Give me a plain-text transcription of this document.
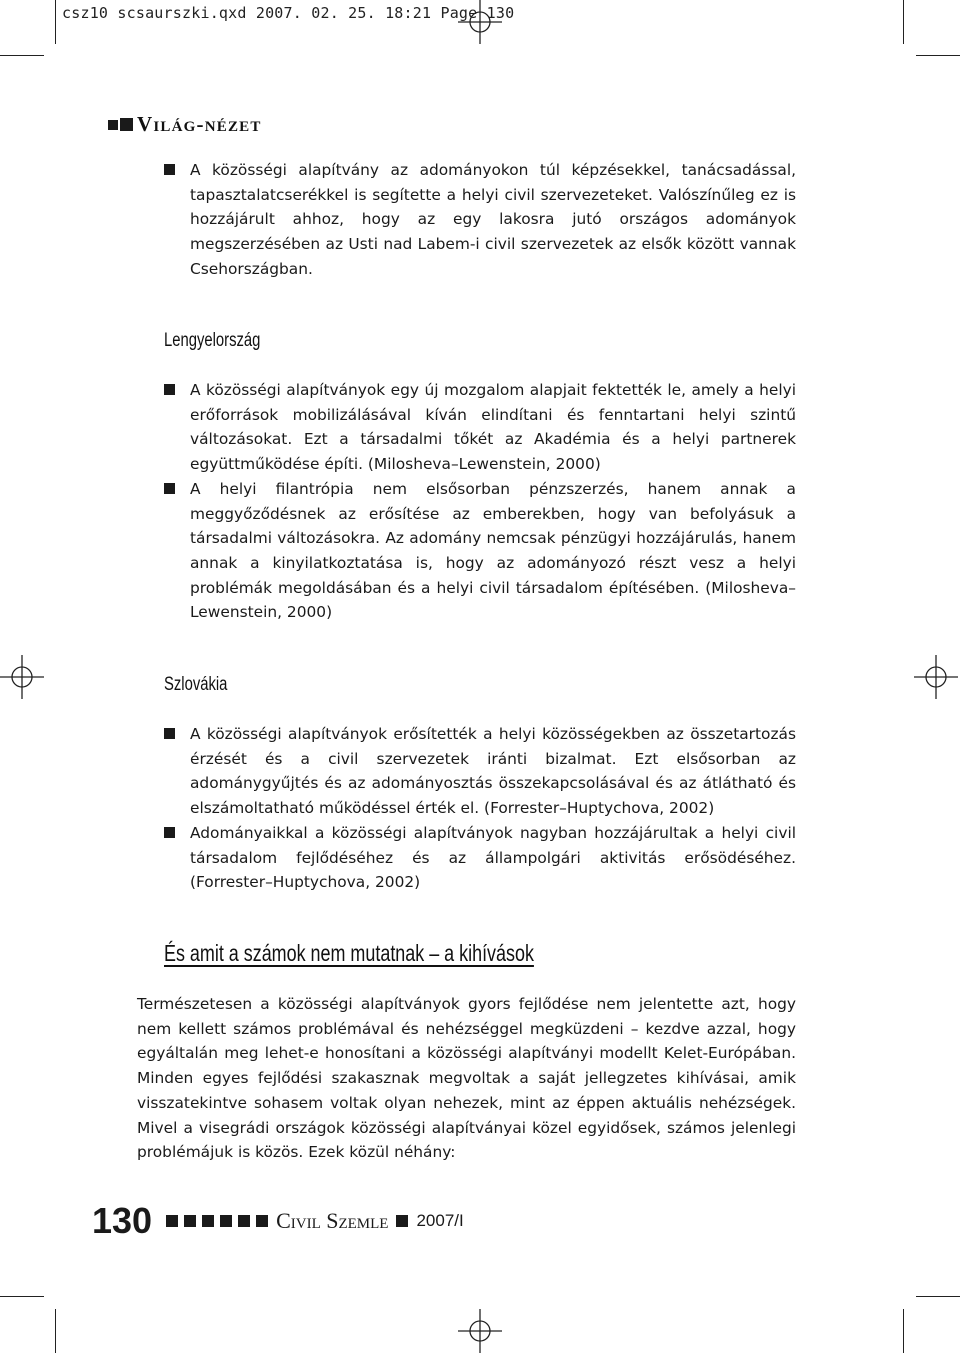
csz10 scsaurszki.qxd 2007. 02. 25. 18:21 Page 130
Világ-nézet

A közösségi alapítvány az adományokon túl képzésekkel, tanácsadással, tapasztalatcserékkel is segítette a helyi civil szervezeteket. Valószínűleg ez is hozzájárult ahhoz, hogy az egy lakosra jutó országos adományok megszerzésében az Usti nad Labem-i civil szervezetek az elsők között vannak Csehországban.

Lengyelország

A közösségi alapítványok egy új mozgalom alapjait fektették le, amely a helyi erőforrások mobilizálásával kíván elindítani és fenntartani helyi szintű változásokat. Ezt a társadalmi tőkét az Akadémia és a helyi partnerek együttműködése építi. (Milosheva–Lewenstein, 2000)

A helyi filantrópia nem elsősorban pénzszerzés, hanem annak a meggyőződésnek az erősítése az emberekben, hogy van befolyásuk a társadalmi változásokra. Az adomány nemcsak pénzügyi hozzájárulás, hanem annak a kinyilatkoztatása is, hogy az adományozó részt vesz a helyi problémák megoldásában és a helyi civil társadalom építésében. (Milosheva–Lewenstein, 2000)

Szlovákia

A közösségi alapítványok erősítették a helyi közösségekben az összetartozás érzését és a civil szervezetek iránti bizalmat. Ezt elsősorban az adománygyűjtés és az adományosztás összekapcsolásával és az átlátható és elszámoltatható működéssel érték el. (Forrester–Huptychova, 2002)

Adományaikkal a közösségi alapítványok nagyban hozzájárultak a helyi civil társadalom fejlődéséhez és az állampolgári aktivitás erősödéséhez. (Forrester–Huptychova, 2002)

És amit a számok nem mutatnak – a kihívások

Természetesen a közösségi alapítványok gyors fejlődése nem jelentette azt, hogy nem kellett számos problémával és nehézséggel megküzdeni – kezdve azzal, hogy egyáltalán meg lehet-e honosítani a közösségi alapítványi modellt Kelet-Európában. Minden egyes fejlődési szakasznak megvoltak a saját jellegzetes kihívásai, amik visszatekintve sohasem voltak olyan nehezek, mint az éppen aktuális nehézségek. Mivel a visegrádi országok közösségi alapítványai közel egyidősek, számos jelenlegi problémájuk is közös. Ezek közül néhány:

130	Civil Szemle 2007/I
